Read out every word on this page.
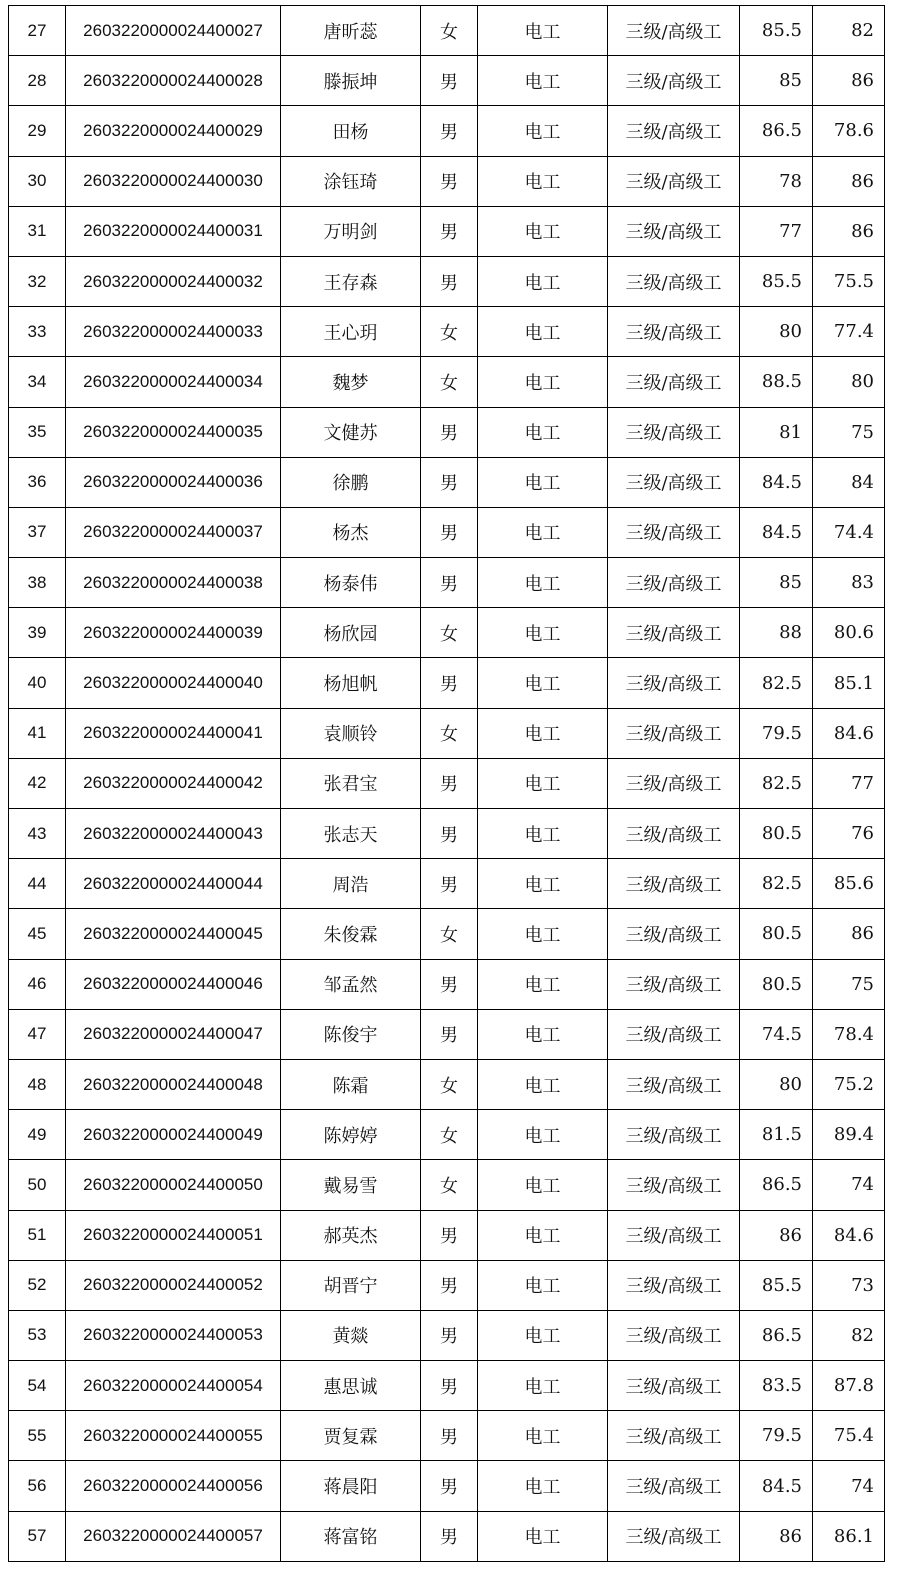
27	2603220000024400027	唐昕蕊	女	电工	三级/高级工	85.5	82
28	2603220000024400028	滕振坤	男	电工	三级/高级工	85	86
29	2603220000024400029	田杨	男	电工	三级/高级工	86.5	78.6
30	2603220000024400030	涂钰琦	男	电工	三级/高级工	78	86
31	2603220000024400031	万明剑	男	电工	三级/高级工	77	86
32	2603220000024400032	王存森	男	电工	三级/高级工	85.5	75.5
33	2603220000024400033	王心玥	女	电工	三级/高级工	80	77.4
34	2603220000024400034	魏梦	女	电工	三级/高级工	88.5	80
35	2603220000024400035	文健苏	男	电工	三级/高级工	81	75
36	2603220000024400036	徐鹏	男	电工	三级/高级工	84.5	84
37	2603220000024400037	杨杰	男	电工	三级/高级工	84.5	74.4
38	2603220000024400038	杨泰伟	男	电工	三级/高级工	85	83
39	2603220000024400039	杨欣园	女	电工	三级/高级工	88	80.6
40	2603220000024400040	杨旭帆	男	电工	三级/高级工	82.5	85.1
41	2603220000024400041	袁顺铃	女	电工	三级/高级工	79.5	84.6
42	2603220000024400042	张君宝	男	电工	三级/高级工	82.5	77
43	2603220000024400043	张志天	男	电工	三级/高级工	80.5	76
44	2603220000024400044	周浩	男	电工	三级/高级工	82.5	85.6
45	2603220000024400045	朱俊霖	女	电工	三级/高级工	80.5	86
46	2603220000024400046	邹孟然	男	电工	三级/高级工	80.5	75
47	2603220000024400047	陈俊宇	男	电工	三级/高级工	74.5	78.4
48	2603220000024400048	陈霜	女	电工	三级/高级工	80	75.2
49	2603220000024400049	陈婷婷	女	电工	三级/高级工	81.5	89.4
50	2603220000024400050	戴易雪	女	电工	三级/高级工	86.5	74
51	2603220000024400051	郝英杰	男	电工	三级/高级工	86	84.6
52	2603220000024400052	胡晋宁	男	电工	三级/高级工	85.5	73
53	2603220000024400053	黄燚	男	电工	三级/高级工	86.5	82
54	2603220000024400054	惠思诚	男	电工	三级/高级工	83.5	87.8
55	2603220000024400055	贾复霖	男	电工	三级/高级工	79.5	75.4
56	2603220000024400056	蒋晨阳	男	电工	三级/高级工	84.5	74
57	2603220000024400057	蒋富铭	男	电工	三级/高级工	86	86.1
